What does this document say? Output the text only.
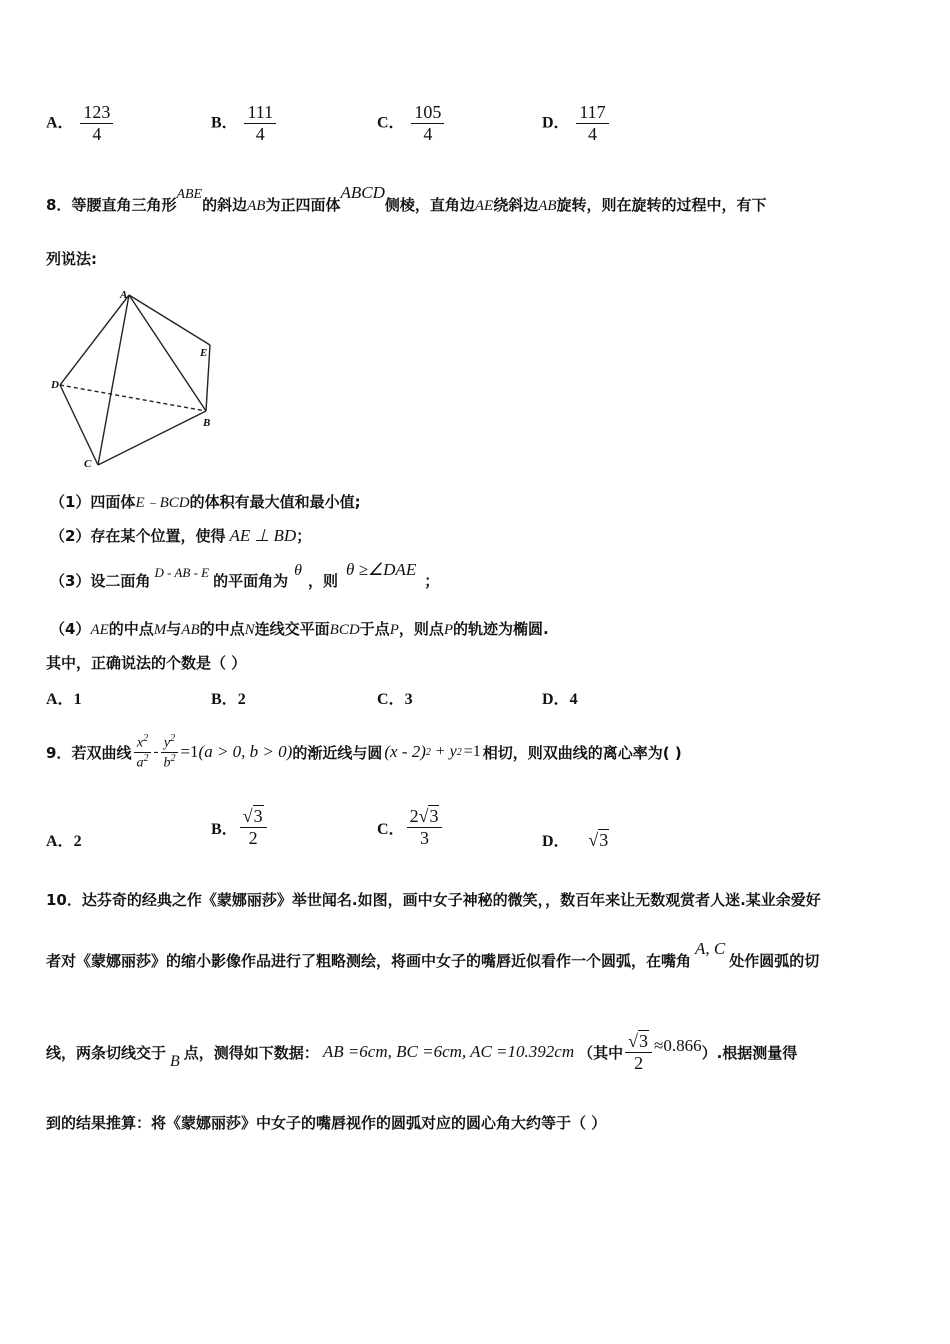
A． $\frac{123}{4}$	B． $\frac{111}{4}$	C． $\frac{105}{4}$	D． $\frac{117}{4}$
8．等腰直角三角形ABE的斜边AB为正四面体ABCD侧棱，直角边AE绕斜边AB旋转，则在旋转的过程中，有下
列说法:
A
E
D
B
C
（1）四面体E﹣BCD的体积有最大值和最小值;
（2）存在某个位置，使得 AE ⊥ BD；
（3）设二面角 D - AB - E 的平面角为θ，则θ ≥∠DAE；
（4）AE的中点M与AB的中点N连线交平面BCD于点P，则点P的轨迹为椭圆.
其中，正确说法的个数是（ ）
A．1	B．2	C．3	D．4
9． 若双曲线 $\frac{x^2}{a^2} - \frac{y^2}{b^2} =1$ (a > 0, b > 0) 的渐近线与圆 (x - 2) 2 + y 2 =1 相切，则双曲线的离心率为( )
A．2
B． $\frac{√3}{2}$	C． $\frac{2√3}{3}$	D． √3
10．达芬奇的经典之作《蒙娜丽莎》举世闻名.如图，画中女子神秘的微笑，，数百年来让无数观赏者人迷.某业余爱好
者对《蒙娜丽莎》的缩小影像作品进行了粗略测绘，将画中女子的嘴唇近似看作一个圆弧，在嘴角A, C处作圆弧的切
线，两条切线交于 B 点，测得如下数据： AB =6cm, BC =6cm, AC =10.392cm （其中 $\frac{√3}{2} \approx 0.866$ ）.根据测量得
到的结果推算：将《蒙娜丽莎》中女子的嘴唇视作的圆弧对应的圆心角大约等于（ ）
